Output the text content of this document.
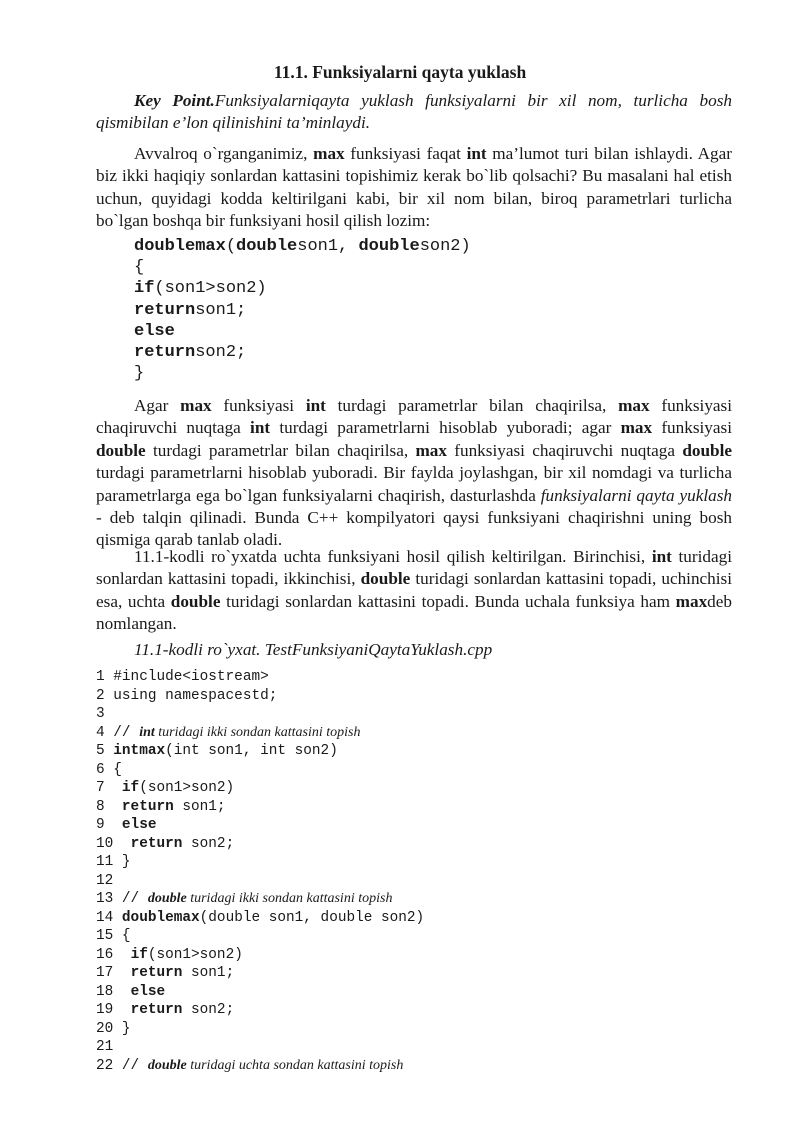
11.1. Funksiyalarni qayta yuklash

Key Point.Funksiyalarniqayta yuklash funksiyalarni bir xil nom, turlicha bosh qismibilan e’lon qilinishini ta’minlaydi.

Avvalroq o`rganganimiz, max funksiyasi faqat int ma’lumot turi bilan ishlaydi. Agar biz ikki haqiqiy sonlardan kattasini topishimiz kerak bo`lib qolsachi? Bu masalani hal etish uchun, quyidagi kodda keltirilgani kabi, bir xil nom bilan, biroq parametrlari turlicha bo`lgan boshqa bir funksiyani hosil qilish lozim:

doublemax(doubleson1, doubleson2)
{
if(son1>son2)
returnson1;
else
returnson2;
}

Agar max funksiyasi int turdagi parametrlar bilan chaqirilsa, max funksiyasi chaqiruvchi nuqtaga int turdagi parametrlarni hisoblab yuboradi; agar max funksiyasi double turdagi parametrlar bilan chaqirilsa, max funksiyasi chaqiruvchi nuqtaga double turdagi parametrlarni hisoblab yuboradi. Bir faylda joylashgan, bir xil nomdagi va turlicha parametrlarga ega bo`lgan funksiyalarni chaqirish, dasturlashda funksiyalarni qayta yuklash - deb talqin qilinadi. Bunda C++ kompilyatori qaysi funksiyani chaqirishni uning bosh qismiga qarab tanlab oladi.

11.1-kodli ro`yxatda uchta funksiyani hosil qilish keltirilgan. Birinchisi, int turidagi sonlardan kattasini topadi, ikkinchisi, double turidagi sonlardan kattasini topadi, uchinchisi esa, uchta double turidagi sonlardan kattasini topadi. Bunda uchala funksiya ham maxdeb nomlangan.

11.1-kodli ro`yxat. TestFunksiyaniQaytaYuklash.cpp
1 #include<iostream>
2 using namespacestd;
3
4 // int turidagi ikki sondan kattasini topish
5 intmax(int son1, int son2)
6 {
7 if(son1>son2)
8 return son1;
9 else
10 return son2;
11 }
12
13 // double turidagi ikki sondan kattasini topish
14 doublemax(double son1, double son2)
15 {
16 if(son1>son2)
17 return son1;
18 else
19 return son2;
20 }
21
22 // double turidagi uchta sondan kattasini topish
